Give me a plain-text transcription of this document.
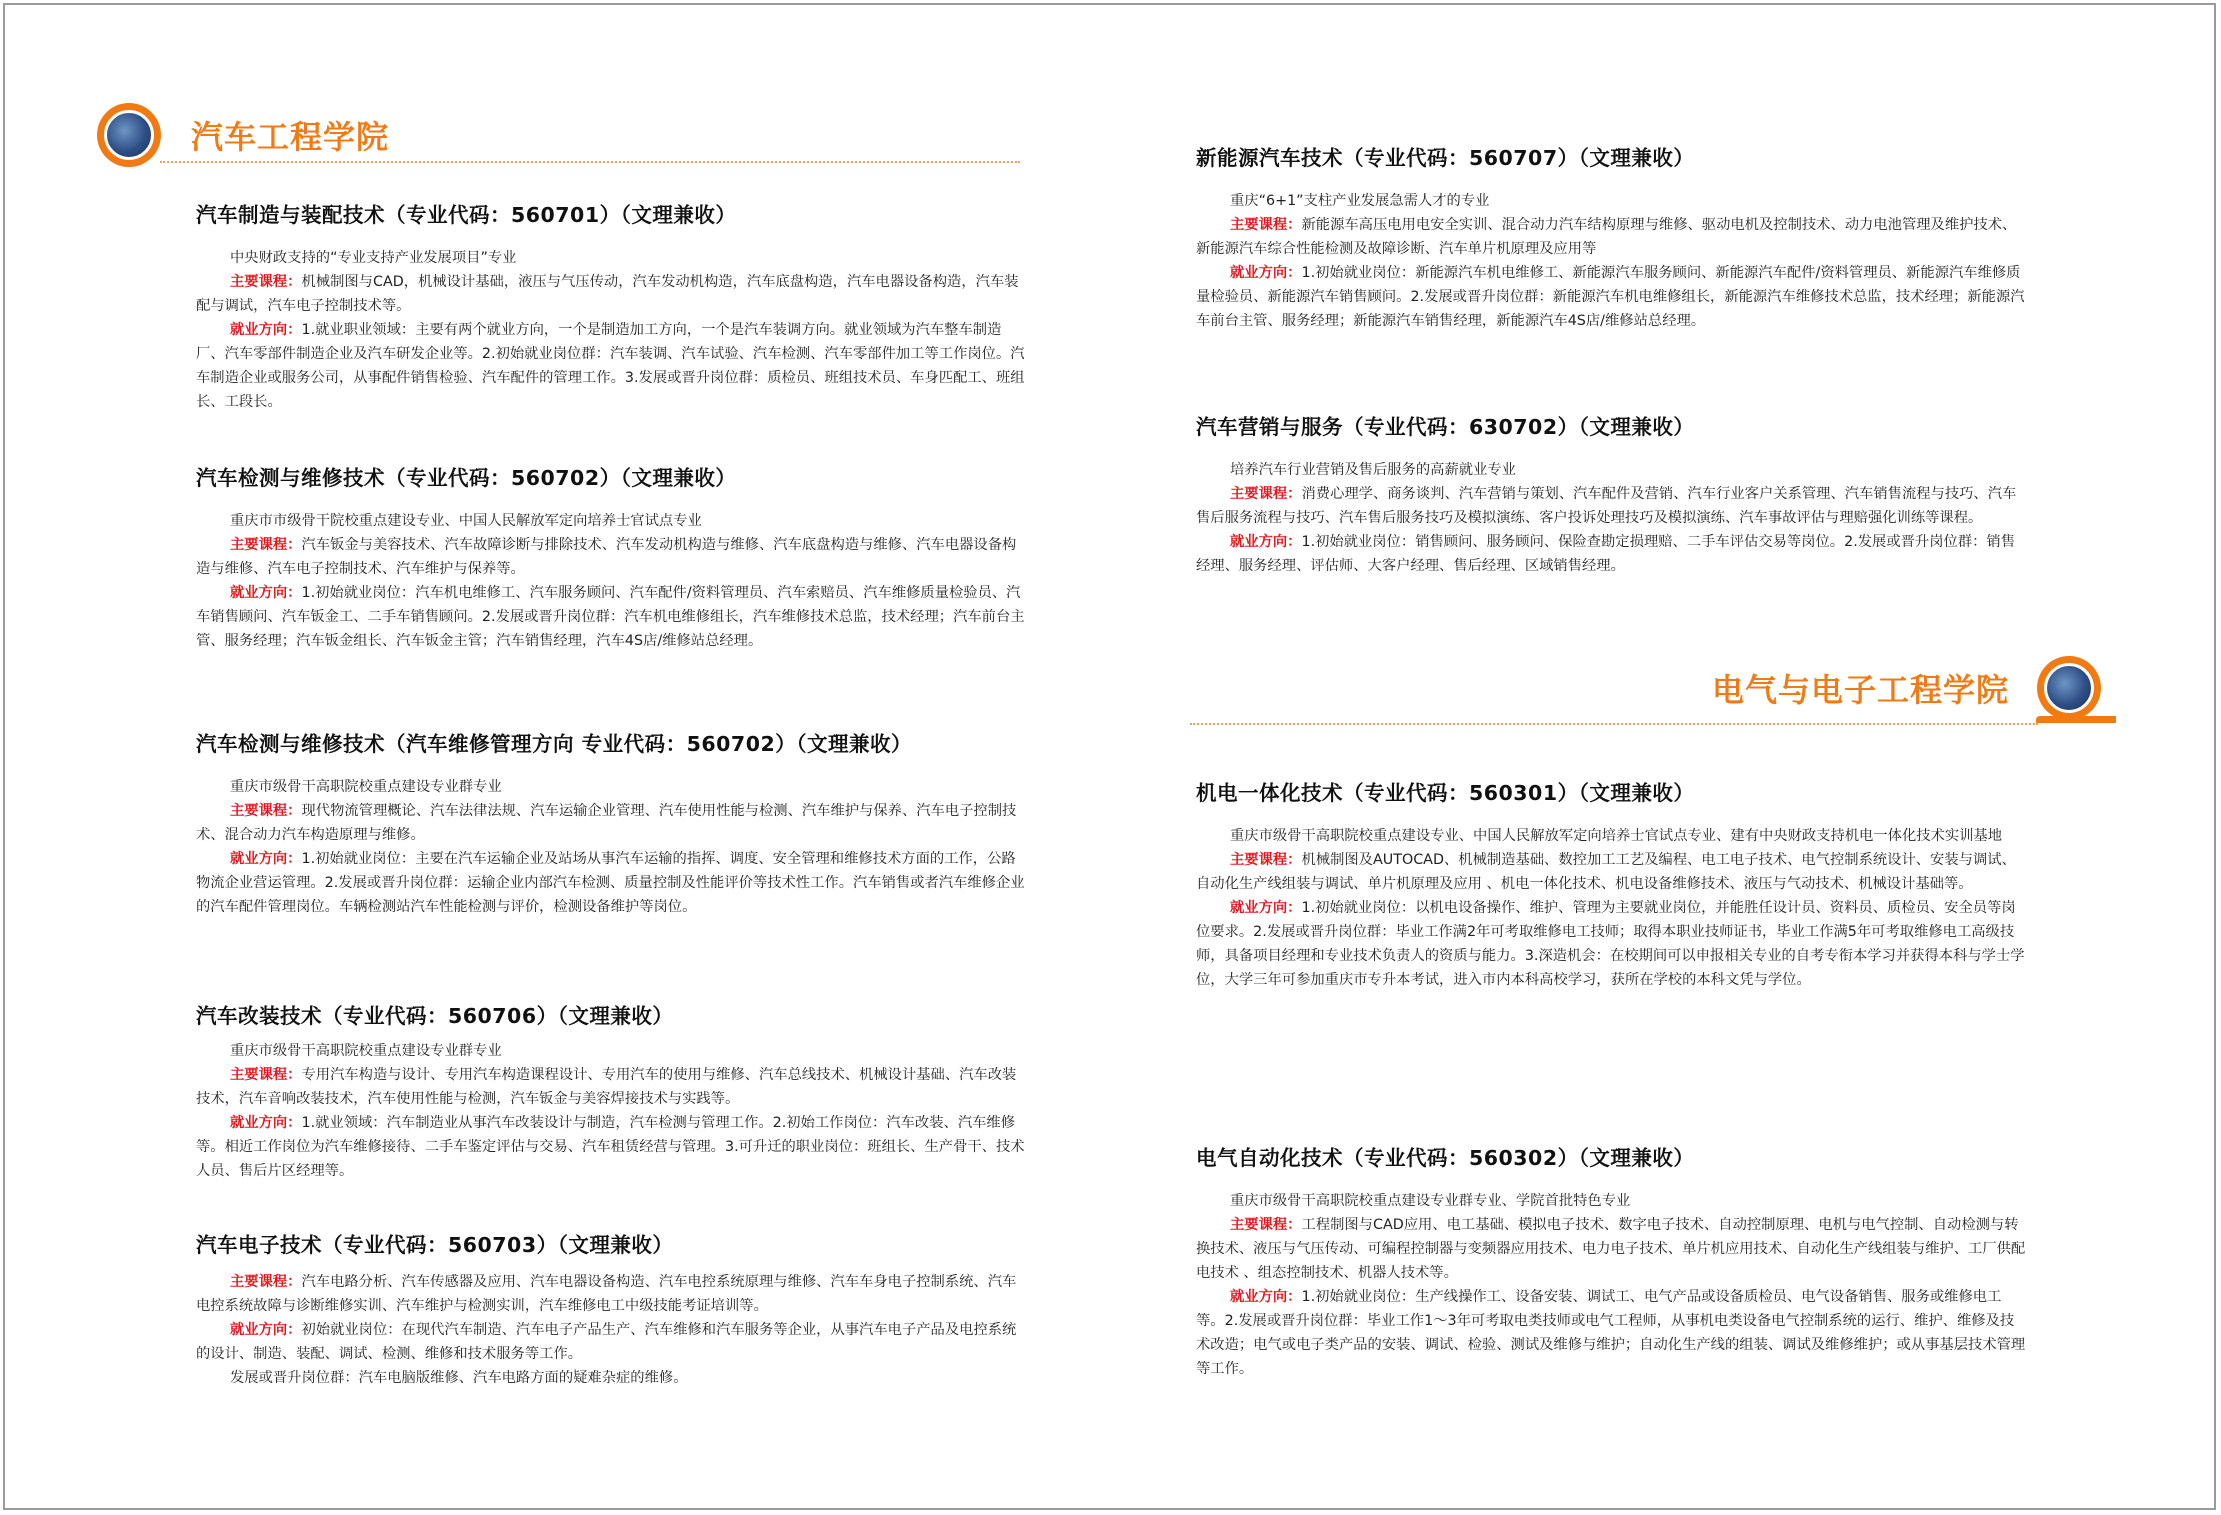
汽车工程学院
电气与电子工程学院
汽车制造与装配技术（专业代码：560701）（文理兼收）

中央财政支持的“专业支持产业发展项目”专业

主要课程：机械制图与CAD，机械设计基础，液压与气压传动，汽车发动机构造，汽车底盘构造，汽车电器设备构造，汽车装配与调试，汽车电子控制技术等。

就业方向：1.就业职业领域：主要有两个就业方向，一个是制造加工方向，一个是汽车装调方向。就业领域为汽车整车制造厂、汽车零部件制造企业及汽车研发企业等。2.初始就业岗位群：汽车装调、汽车试验、汽车检测、汽车零部件加工等工作岗位。汽车制造企业或服务公司，从事配件销售检验、汽车配件的管理工作。3.发展或晋升岗位群：质检员、班组技术员、车身匹配工、班组长、工段长。

汽车检测与维修技术（专业代码：560702）（文理兼收）

重庆市市级骨干院校重点建设专业、中国人民解放军定向培养士官试点专业

主要课程：汽车钣金与美容技术、汽车故障诊断与排除技术、汽车发动机构造与维修、汽车底盘构造与维修、汽车电器设备构造与维修、汽车电子控制技术、汽车维护与保养等。

就业方向：1.初始就业岗位：汽车机电维修工、汽车服务顾问、汽车配件/资料管理员、汽车索赔员、汽车维修质量检验员、汽车销售顾问、汽车钣金工、二手车销售顾问。2.发展或晋升岗位群：汽车机电维修组长，汽车维修技术总监，技术经理；汽车前台主管、服务经理；汽车钣金组长、汽车钣金主管；汽车销售经理，汽车4S店/维修站总经理。

汽车检测与维修技术（汽车维修管理方向 专业代码：560702）（文理兼收）

重庆市级骨干高职院校重点建设专业群专业

主要课程：现代物流管理概论、汽车法律法规、汽车运输企业管理、汽车使用性能与检测、汽车维护与保养、汽车电子控制技术、混合动力汽车构造原理与维修。

就业方向：1.初始就业岗位：主要在汽车运输企业及站场从事汽车运输的指挥、调度、安全管理和维修技术方面的工作，公路物流企业营运管理。2.发展或晋升岗位群：运输企业内部汽车检测、质量控制及性能评价等技术性工作。汽车销售或者汽车维修企业的汽车配件管理岗位。车辆检测站汽车性能检测与评价，检测设备维护等岗位。

汽车改装技术（专业代码：560706）（文理兼收）

重庆市级骨干高职院校重点建设专业群专业

主要课程：专用汽车构造与设计、专用汽车构造课程设计、专用汽车的使用与维修、汽车总线技术、机械设计基础、汽车改装技术，汽车音响改装技术，汽车使用性能与检测，汽车钣金与美容焊接技术与实践等。

就业方向：1.就业领域：汽车制造业从事汽车改装设计与制造，汽车检测与管理工作。2.初始工作岗位：汽车改装、汽车维修等。相近工作岗位为汽车维修接待、二手车鉴定评估与交易、汽车租赁经营与管理。3.可升迁的职业岗位：班组长、生产骨干、技术人员、售后片区经理等。

汽车电子技术（专业代码：560703）（文理兼收）

主要课程：汽车电路分析、汽车传感器及应用、汽车电器设备构造、汽车电控系统原理与维修、汽车车身电子控制系统、汽车电控系统故障与诊断维修实训、汽车维护与检测实训，汽车维修电工中级技能考证培训等。

就业方向：初始就业岗位：在现代汽车制造、汽车电子产品生产、汽车维修和汽车服务等企业，从事汽车电子产品及电控系统的设计、制造、装配、调试、检测、维修和技术服务等工作。

发展或晋升岗位群：汽车电脑版维修、汽车电路方面的疑难杂症的维修。

新能源汽车技术（专业代码：560707）（文理兼收）

重庆“6+1”支柱产业发展急需人才的专业

主要课程：新能源车高压电用电安全实训、混合动力汽车结构原理与维修、驱动电机及控制技术、动力电池管理及维护技术、新能源汽车综合性能检测及故障诊断、汽车单片机原理及应用等

就业方向：1.初始就业岗位：新能源汽车机电维修工、新能源汽车服务顾问、新能源汽车配件/资料管理员、新能源汽车维修质量检验员、新能源汽车销售顾问。2.发展或晋升岗位群：新能源汽车机电维修组长，新能源汽车维修技术总监，技术经理；新能源汽车前台主管、服务经理；新能源汽车销售经理，新能源汽车4S店/维修站总经理。

汽车营销与服务（专业代码：630702）（文理兼收）

培养汽车行业营销及售后服务的高薪就业专业

主要课程：消费心理学、商务谈判、汽车营销与策划、汽车配件及营销、汽车行业客户关系管理、汽车销售流程与技巧、汽车售后服务流程与技巧、汽车售后服务技巧及模拟演练、客户投诉处理技巧及模拟演练、汽车事故评估与理赔强化训练等课程。

就业方向：1.初始就业岗位：销售顾问、服务顾问、保险查勘定损理赔、二手车评估交易等岗位。2.发展或晋升岗位群：销售经理、服务经理、评估师、大客户经理、售后经理、区域销售经理。

机电一体化技术（专业代码：560301）（文理兼收）

重庆市级骨干高职院校重点建设专业、中国人民解放军定向培养士官试点专业、建有中央财政支持机电一体化技术实训基地

主要课程：机械制图及AUTOCAD、机械制造基础、数控加工工艺及编程、电工电子技术、电气控制系统设计、安装与调试、自动化生产线组装与调试、单片机原理及应用 、机电一体化技术、机电设备维修技术、液压与气动技术、机械设计基础等。

就业方向：1.初始就业岗位：以机电设备操作、维护、管理为主要就业岗位，并能胜任设计员、资料员、质检员、安全员等岗位要求。2.发展或晋升岗位群：毕业工作满2年可考取维修电工技师；取得本职业技师证书，毕业工作满5年可考取维修电工高级技师，具备项目经理和专业技术负责人的资质与能力。3.深造机会：在校期间可以申报相关专业的自考专衔本学习并获得本科与学士学位，大学三年可参加重庆市专升本考试，进入市内本科高校学习，获所在学校的本科文凭与学位。

电气自动化技术（专业代码：560302）（文理兼收）

重庆市级骨干高职院校重点建设专业群专业、学院首批特色专业

主要课程：工程制图与CAD应用、电工基础、模拟电子技术、数字电子技术、自动控制原理、电机与电气控制、自动检测与转换技术、液压与气压传动、可编程控制器与变频器应用技术、电力电子技术、单片机应用技术、自动化生产线组装与维护、工厂供配电技术 、组态控制技术、机器人技术等。

就业方向：1.初始就业岗位：生产线操作工、设备安装、调试工、电气产品或设备质检员、电气设备销售、服务或维修电工等。2.发展或晋升岗位群：毕业工作1～3年可考取电类技师或电气工程师，从事机电类设备电气控制系统的运行、维护、维修及技术改造；电气或电子类产品的安装、调试、检验、测试及维修与维护；自动化生产线的组装、调试及维修维护；或从事基层技术管理等工作。
